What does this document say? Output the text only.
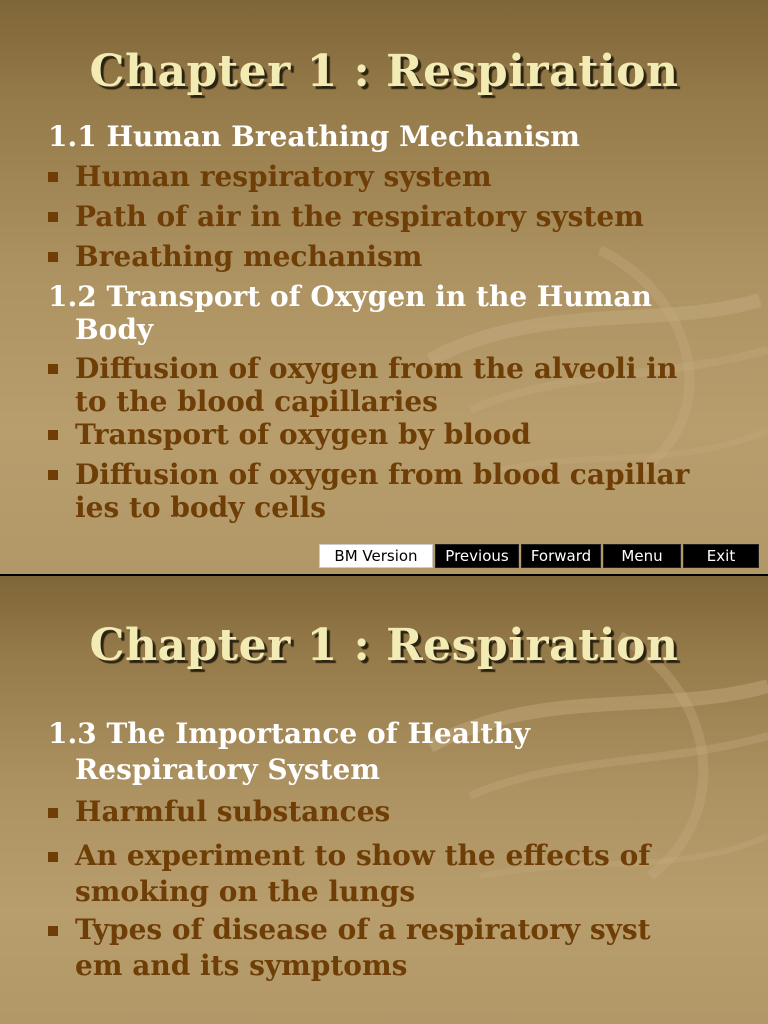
Chapter 1 : Respiration
1.1 Human Breathing Mechanism
Human respiratory system
Path of air in the respiratory system
Breathing mechanism
1.2 Transport of Oxygen in the Human
Body
Diffusion of oxygen from the alveoli in
to the blood capillaries
Transport of oxygen by blood
Diffusion of oxygen from blood capillar
ies to body cells
BM Version	Previous	Forward	Menu	Exit
Chapter 1 : Respiration
1.3 The Importance of Healthy
Respiratory System
Harmful substances
An experiment to show the effects of
smoking on the lungs
Types of disease of a respiratory syst
em and its symptoms
